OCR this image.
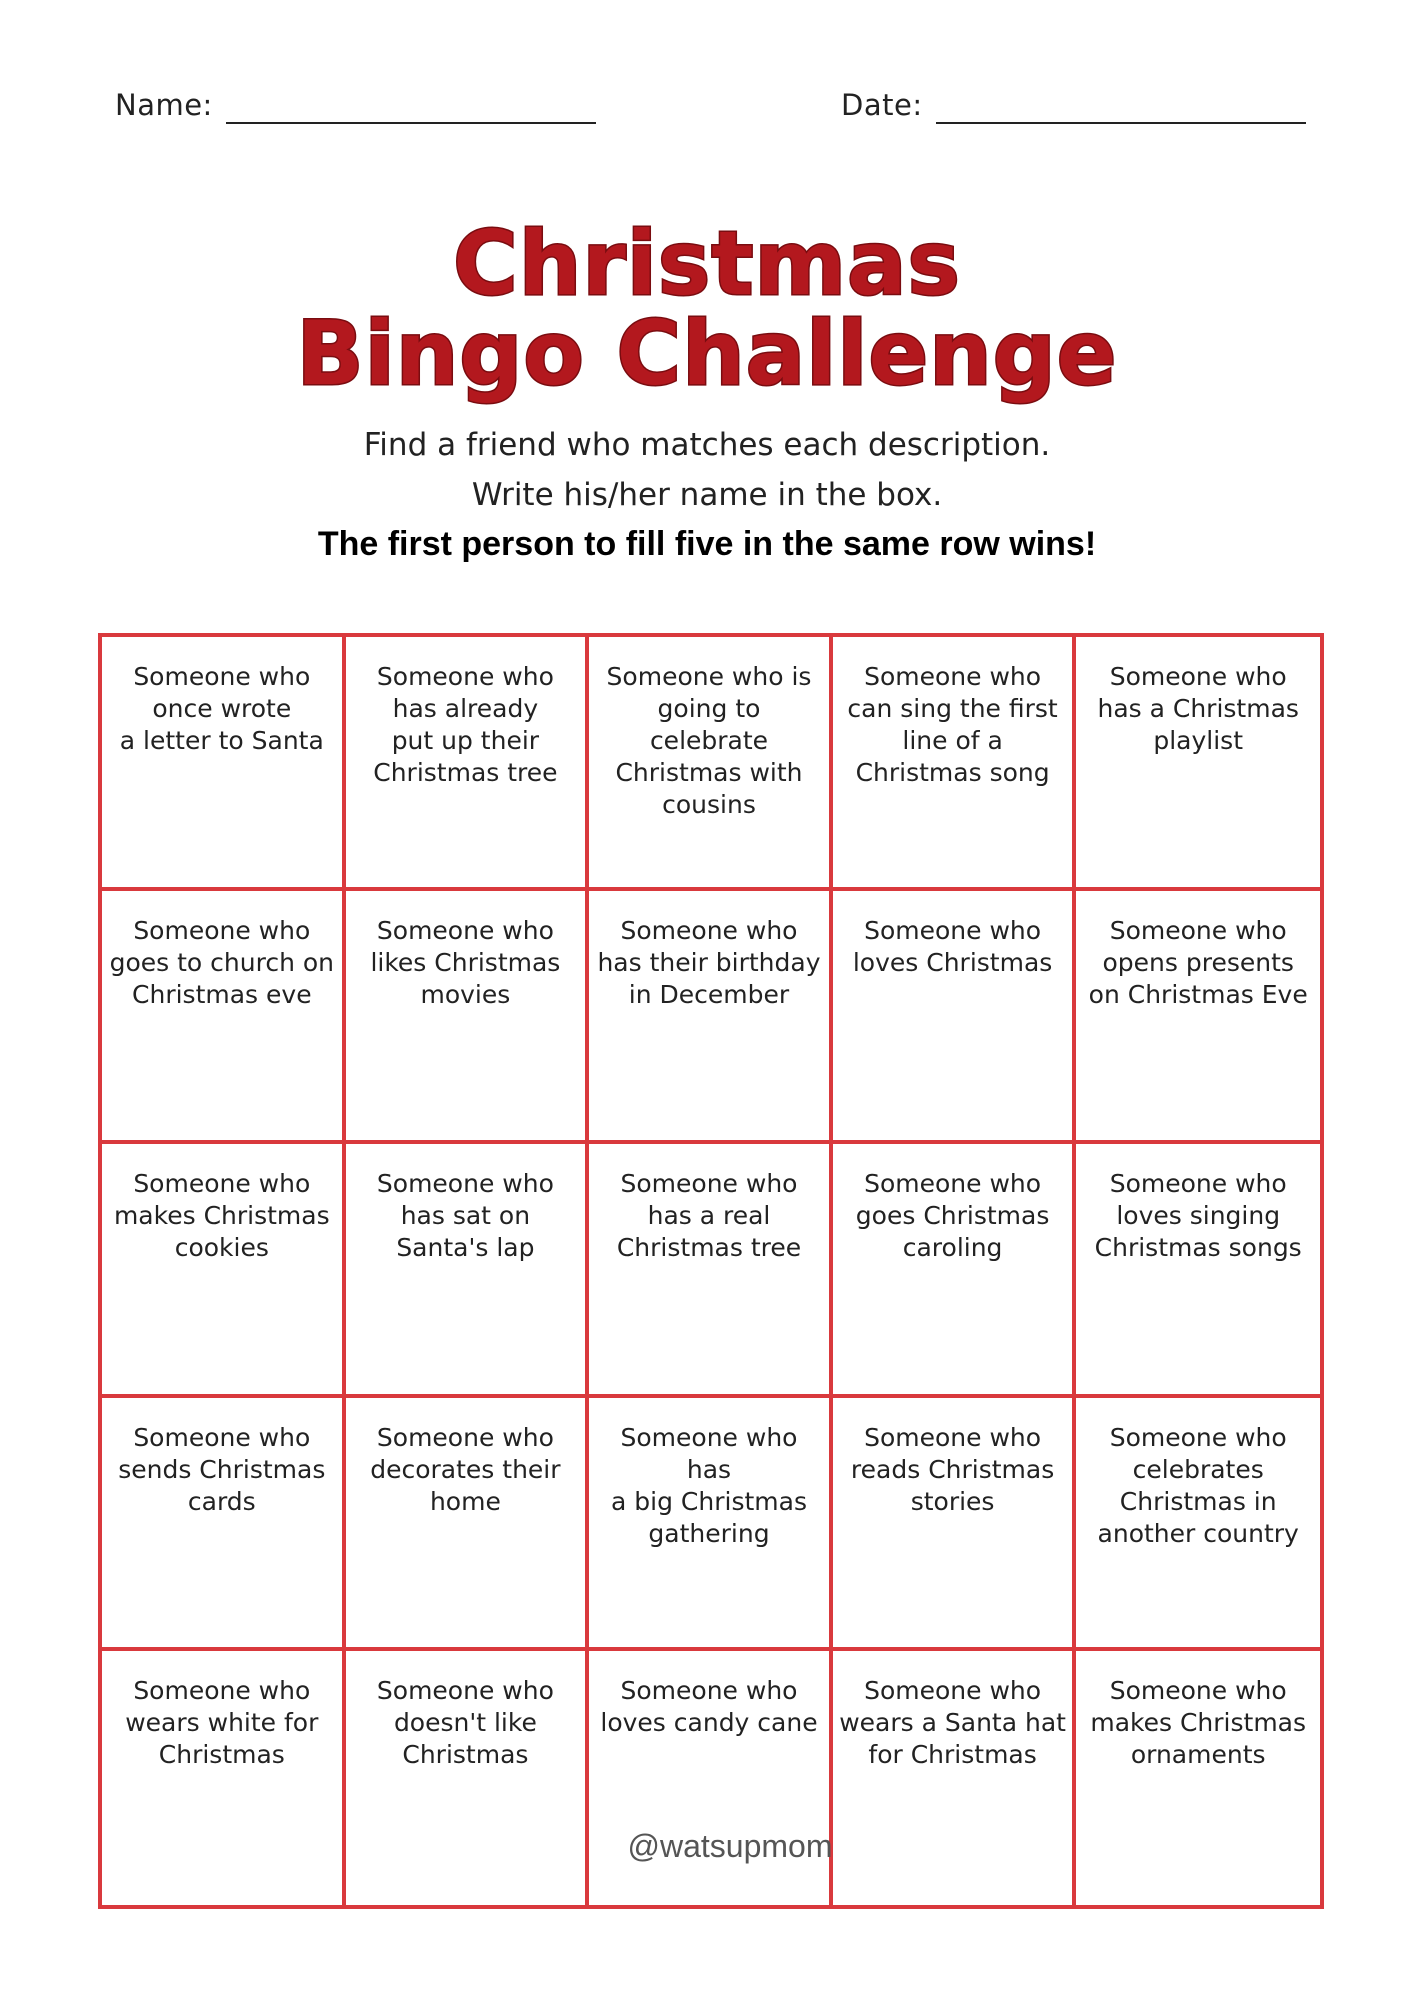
Name:	Date:
Christmas
Bingo Challenge
Find a friend who matches each description.
Write his/her name in the box.
The first person to fill five in the same row wins!
Someone who
once wrote
a letter to Santa
Someone who
has already
put up their
Christmas tree
Someone who is
going to celebrate
Christmas with
cousins
Someone who
can sing the first
line of a
Christmas song
Someone who
has a Christmas
playlist
Someone who
goes to church on
Christmas eve
Someone who
likes Christmas
movies
Someone who
has their birthday
in December
Someone who
loves Christmas
Someone who
opens presents
on Christmas Eve
Someone who
makes Christmas
cookies
Someone who
has sat on
Santa's lap
Someone who
has a real
Christmas tree
Someone who
goes Christmas
caroling
Someone who
loves singing
Christmas songs
Someone who
sends Christmas
cards
Someone who
decorates their
home
Someone who has
a big Christmas
gathering
Someone who
reads Christmas
stories
Someone who
celebrates
Christmas in
another country
Someone who
wears white for
Christmas
Someone who
doesn't like
Christmas
Someone who
loves candy cane
Someone who
wears a Santa hat
for Christmas
Someone who
makes Christmas
ornaments
@watsupmom
